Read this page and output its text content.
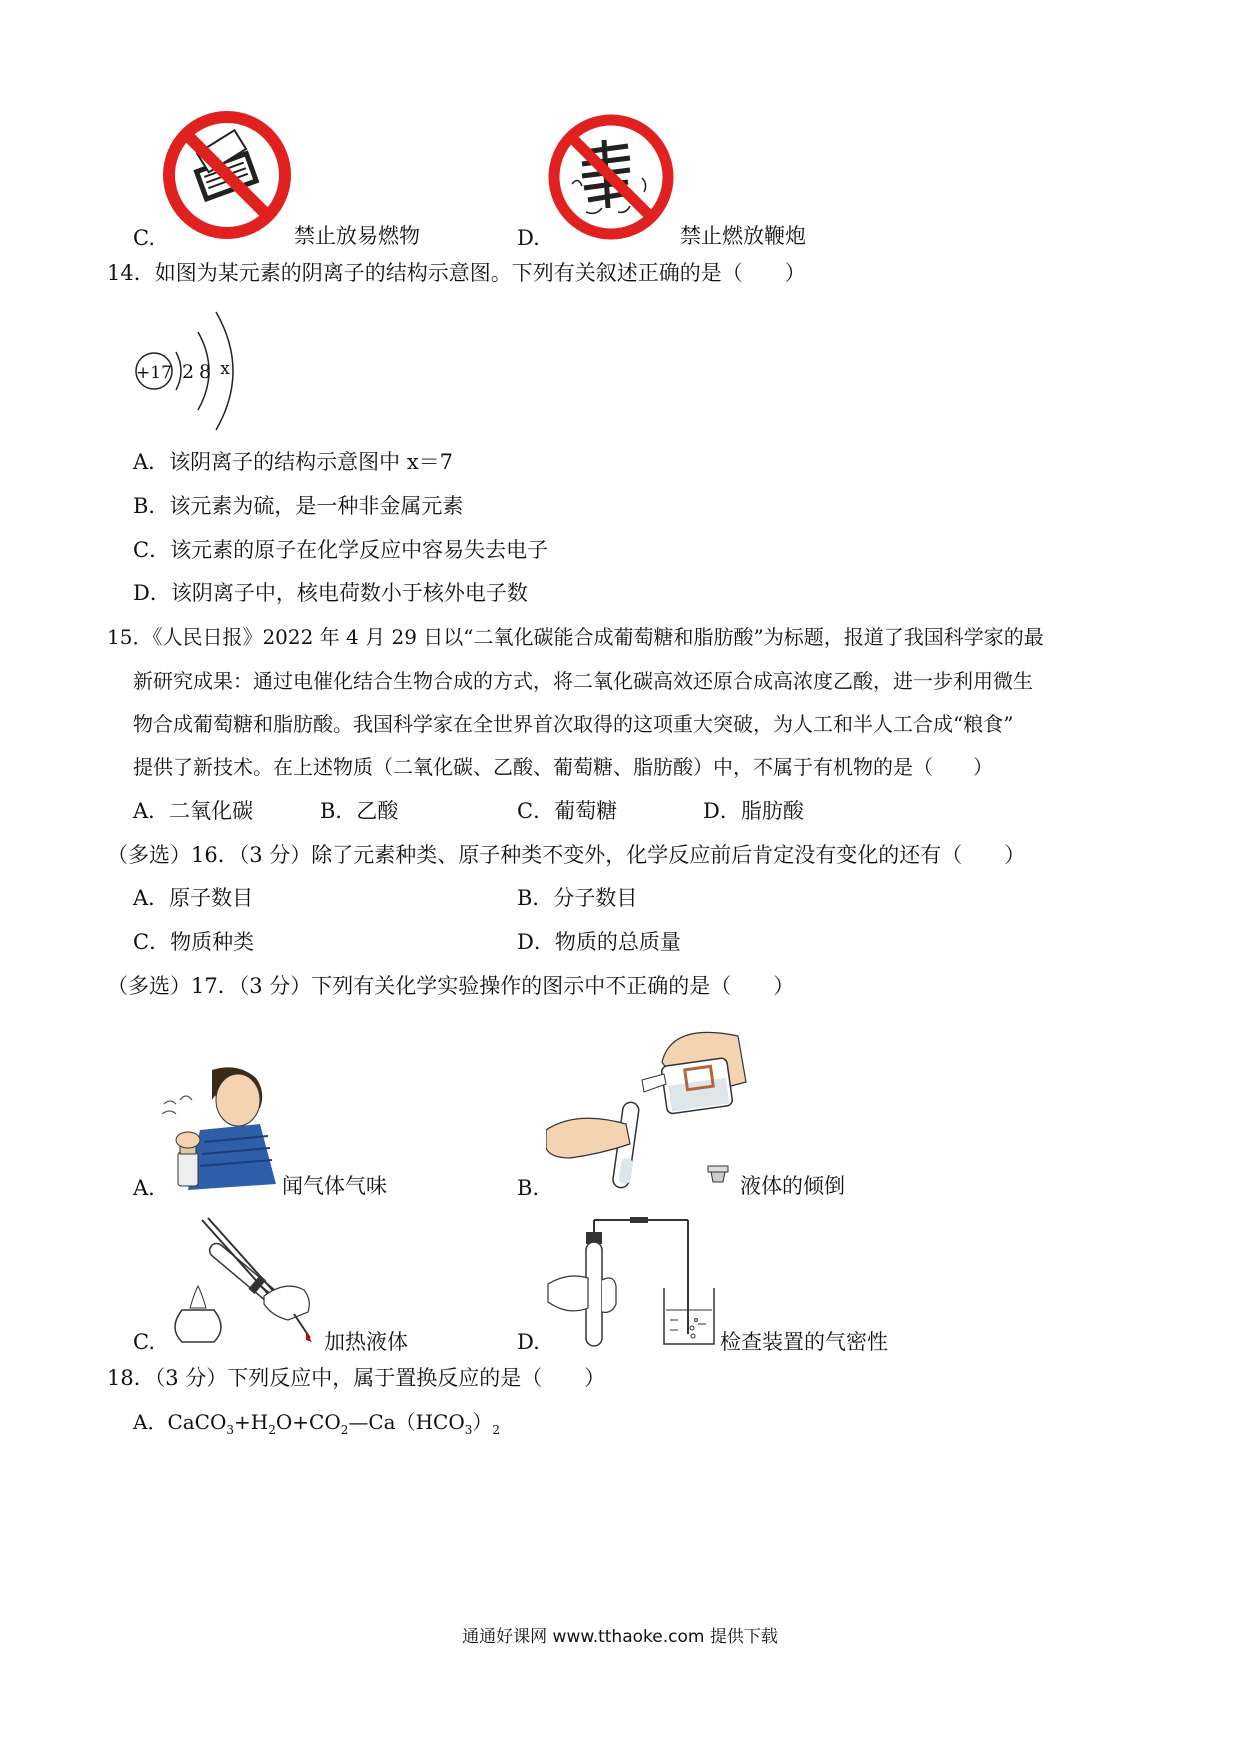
C.	禁止放易燃物	D.	禁止燃放鞭炮
14．如图为某元素的阴离子的结构示意图。下列有关叙述正确的是（　　）
+17 2 8 x
A．该阴离子的结构示意图中 x＝7
B．该元素为硫，是一种非金属元素
C．该元素的原子在化学反应中容易失去电子
D．该阴离子中，核电荷数小于核外电子数
15．《人民日报》2022 年 4 月 29 日以“二氧化碳能合成葡萄糖和脂肪酸”为标题，报道了我国科学家的最
新研究成果：通过电催化结合生物合成的方式，将二氧化碳高效还原合成高浓度乙酸，进一步利用微生
物合成葡萄糖和脂肪酸。我国科学家在全世界首次取得的这项重大突破，为人工和半人工合成“粮食”
提供了新技术。在上述物质（二氧化碳、乙酸、葡萄糖、脂肪酸）中，不属于有机物的是（　　）
A．二氧化碳	B．乙酸	C．葡萄糖	D．脂肪酸
（多选）16．（3 分）除了元素种类、原子种类不变外，化学反应前后肯定没有变化的还有（　　）
A．原子数目	B．分子数目
C．物质种类	D．物质的总质量
（多选）17．（3 分）下列有关化学实验操作的图示中不正确的是（　　）
A.	闻气体气味	B.	液体的倾倒
C.	加热液体	D.	检查装置的气密性
18．（3 分）下列反应中，属于置换反应的是（　　）
A．$CaCO_3+H_2O+CO_2—Ca(HCO_3)_2$
通通好课网 www.tthaoke.com 提供下载
